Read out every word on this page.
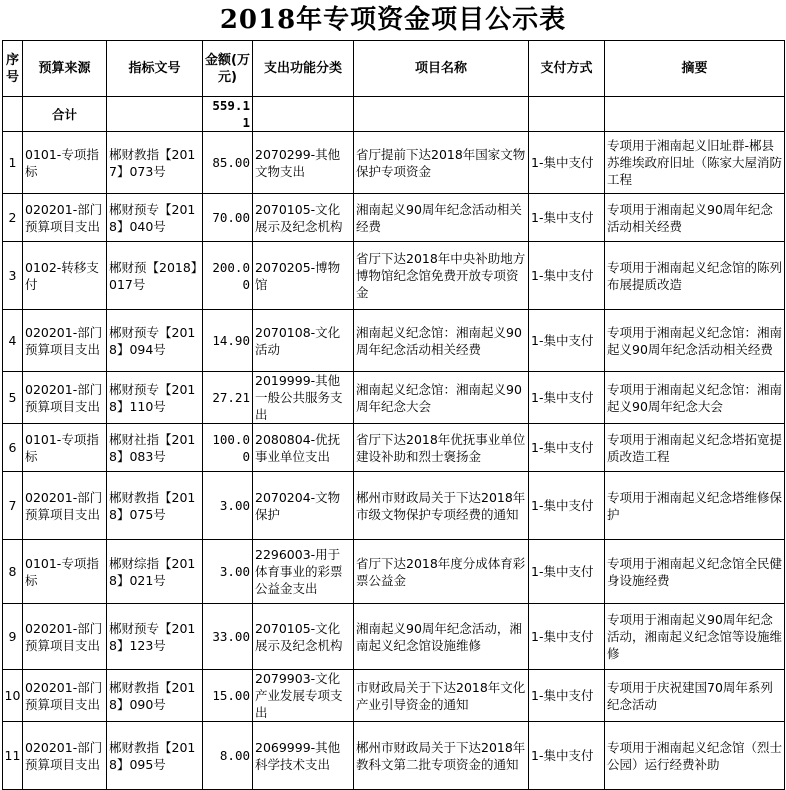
2018年专项资金项目公示表
序号	预算来源	指标文号	金额(万元)	支出功能分类	项目名称	支付方式	摘要
	合计		559.11				
1	0101-专项指标	郴财教指【2017】073号	85.00	2070299-其他文物支出	省厅提前下达2018年国家文物保护专项资金	1-集中支付	专项用于湘南起义旧址群-郴县苏维埃政府旧址（陈家大屋消防工程
2	020201-部门预算项目支出	郴财预专【2018】040号	70.00	2070105-文化展示及纪念机构	湘南起义90周年纪念活动相关经费	1-集中支付	专项用于湘南起义90周年纪念活动相关经费
3	0102-转移支付	郴财预【2018】017号	200.00	2070205-博物馆	省厅下达2018年中央补助地方博物馆纪念馆免费开放专项资金	1-集中支付	专项用于湘南起义纪念馆的陈列布展提质改造
4	020201-部门预算项目支出	郴财预专【2018】094号	14.90	2070108-文化活动	湘南起义纪念馆：湘南起义90周年纪念活动相关经费	1-集中支付	专项用于湘南起义纪念馆：湘南起义90周年纪念活动相关经费
5	020201-部门预算项目支出	郴财预专【2018】110号	27.21	2019999-其他一般公共服务支出	湘南起义纪念馆：湘南起义90周年纪念大会	1-集中支付	专项用于湘南起义纪念馆：湘南起义90周年纪念大会
6	0101-专项指标	郴财社指【2018】083号	100.00	2080804-优抚事业单位支出	省厅下达2018年优抚事业单位建设补助和烈士褒扬金	1-集中支付	专项用于湘南起义纪念塔拓宽提质改造工程
7	020201-部门预算项目支出	郴财教指【2018】075号	3.00	2070204-文物保护	郴州市财政局关于下达2018年市级文物保护专项经费的通知	1-集中支付	专项用于湘南起义纪念塔维修保护
8	0101-专项指标	郴财综指【2018】021号	3.00	2296003-用于体育事业的彩票公益金支出	省厅下达2018年度分成体育彩票公益金	1-集中支付	专项用于湘南起义纪念馆全民健身设施经费
9	020201-部门预算项目支出	郴财预专【2018】123号	33.00	2070105-文化展示及纪念机构	湘南起义90周年纪念活动，湘南起义纪念馆设施维修	1-集中支付	专项用于湘南起义90周年纪念活动，湘南起义纪念馆等设施维修
10	020201-部门预算项目支出	郴财教指【2018】090号	15.00	2079903-文化产业发展专项支出	市财政局关于下达2018年文化产业引导资金的通知	1-集中支付	专项用于庆祝建国70周年系列纪念活动
11	020201-部门预算项目支出	郴财教指【2018】095号	8.00	2069999-其他科学技术支出	郴州市财政局关于下达2018年教科文第二批专项资金的通知	1-集中支付	专项用于湘南起义纪念馆（烈士公园）运行经费补助
